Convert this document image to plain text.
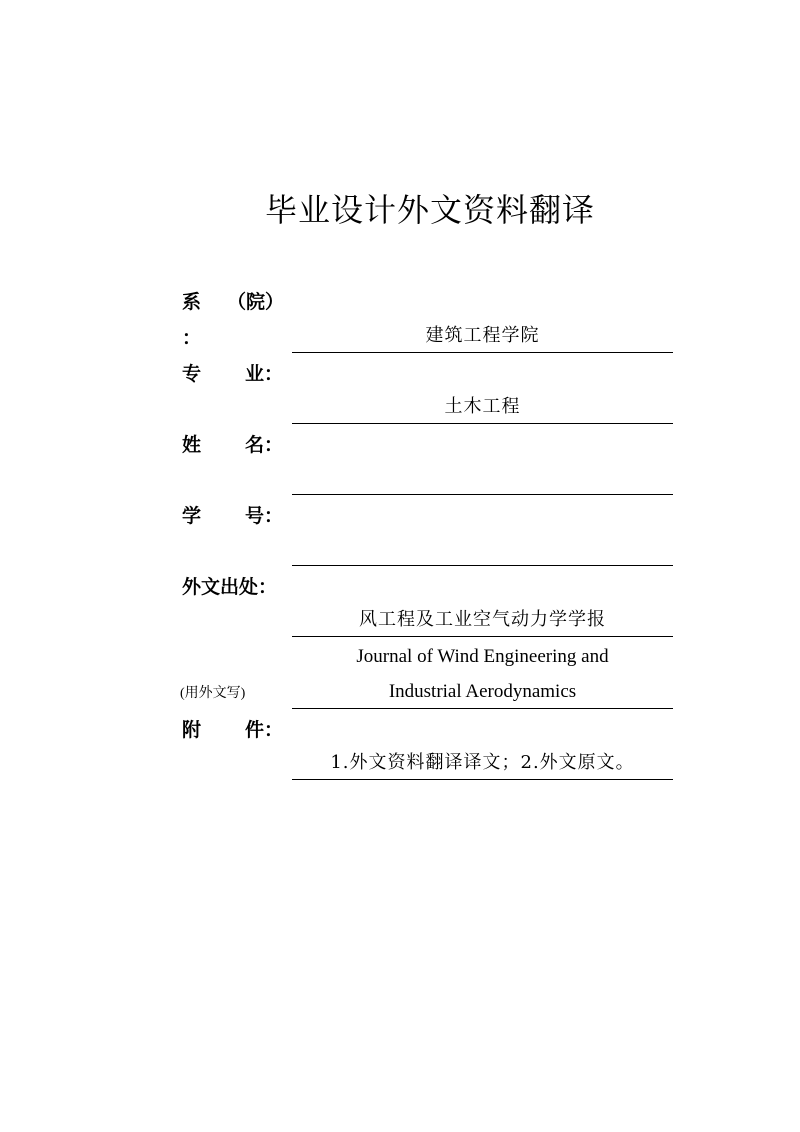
毕业设计外文资料翻译
系 （院）
：	建筑工程学院
专 业：
土木工程
姓 名：
学 号：
外文出处：
风工程及工业空气动力学学报
(用外文写)
Journal of Wind Engineering and
Industrial Aerodynamics
附 件：
1.外文资料翻译译文；2.外文原文。
